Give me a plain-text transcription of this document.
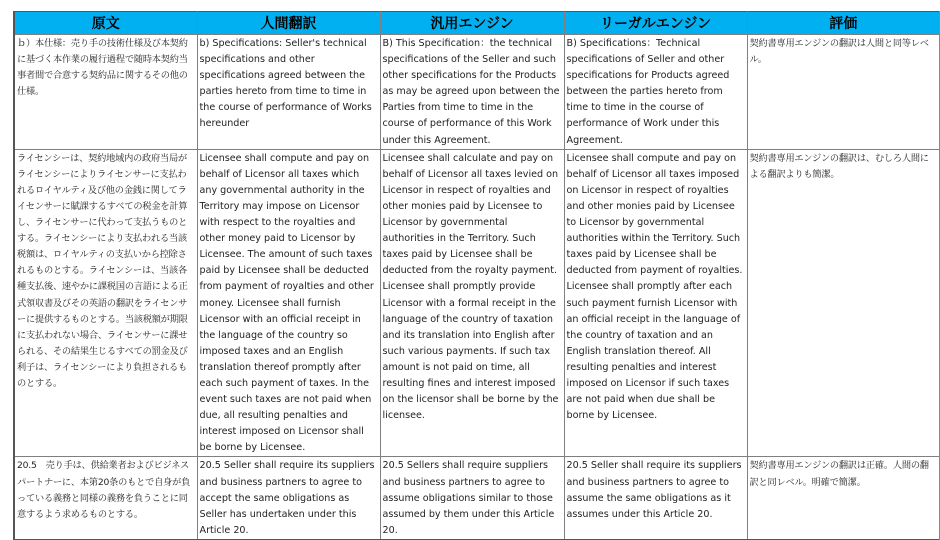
原文	人間翻訳	汎用エンジン	リーガルエンジン	評価
ｂ）本仕様：売り手の技術仕様及び本契約に基づく本作業の履行過程で随時本契約当事者間で合意する契約品に関するその他の仕様。	b) Specifications: Seller's technical specifications and other specifications agreed between the parties hereto from time to time in the course of performance of Works hereunder	B) This Specification：the technical specifications of the Seller and such other specifications for the Products as may be agreed upon between the Parties from time to time in the course of performance of this Work under this Agreement.	B) Specifications：Technical specifications of Seller and other specifications for Products agreed between the parties hereto from time to time in the course of performance of Work under this Agreement.	契約書専用エンジンの翻訳は人間と同等レベル。
ライセンシーは、契約地域内の政府当局がライセンシーによりライセンサーに支払われるロイヤルティ及び他の金銭に関してライセンサーに賦課するすべての税金を計算し、ライセンサーに代わって支払うものとする。ライセンシーにより支払われる当該税額は、ロイヤルティの支払いから控除されるものとする。ライセンシーは、当該各種支払後、速やかに課税国の言語による正式領収書及びその英語の翻訳をライセンサーに提供するものとする。当該税額が期限に支払われない場合、ライセンサーに課せられる、その結果生じるすべての罰金及び利子は、ライセンシーにより負担されるものとする。	Licensee shall compute and pay on behalf of Licensor all taxes which any governmental authority in the Territory may impose on Licensor with respect to the royalties and other money paid to Licensor by Licensee. The amount of such taxes paid by Licensee shall be deducted from payment of royalties and other money. Licensee shall furnish Licensor with an official receipt in the language of the country so imposed taxes and an English translation thereof promptly after each such payment of taxes. In the event such taxes are not paid when due, all resulting penalties and interest imposed on Licensor shall be borne by Licensee.	Licensee shall calculate and pay on behalf of Licensor all taxes levied on Licensor in respect of royalties and other monies paid by Licensee to Licensor by governmental authorities in the Territory. Such taxes paid by Licensee shall be deducted from the royalty payment. Licensee shall promptly provide Licensor with a formal receipt in the language of the country of taxation and its translation into English after such various payments. If such tax amount is not paid on time, all resulting fines and interest imposed on the licensor shall be borne by the licensee.	Licensee shall compute and pay on behalf of Licensor all taxes imposed on Licensor in respect of royalties and other monies paid by Licensee to Licensor by governmental authorities within the Territory. Such taxes paid by Licensee shall be deducted from payment of royalties. Licensee shall promptly after each such payment furnish Licensor with an official receipt in the language of the country of taxation and an English translation thereof. All resulting penalties and interest imposed on Licensor if such taxes are not paid when due shall be borne by Licensee.	契約書専用エンジンの翻訳は、むしろ人間による翻訳よりも簡潔。
20.5　売り手は、供給業者およびビジネスパートナーに、本第20条のもとで自身が負っている義務と同様の義務を負うことに同意するよう求めるものとする。	20.5 Seller shall require its suppliers and business partners to agree to accept the same obligations as Seller has undertaken under this Article 20.	20.5 Sellers shall require suppliers and business partners to agree to assume obligations similar to those assumed by them under this Article 20.	20.5 Seller shall require its suppliers and business partners to agree to assume the same obligations as it assumes under this Article 20.	契約書専用エンジンの翻訳は正確。人間の翻訳と同レベル。明確で簡潔。
